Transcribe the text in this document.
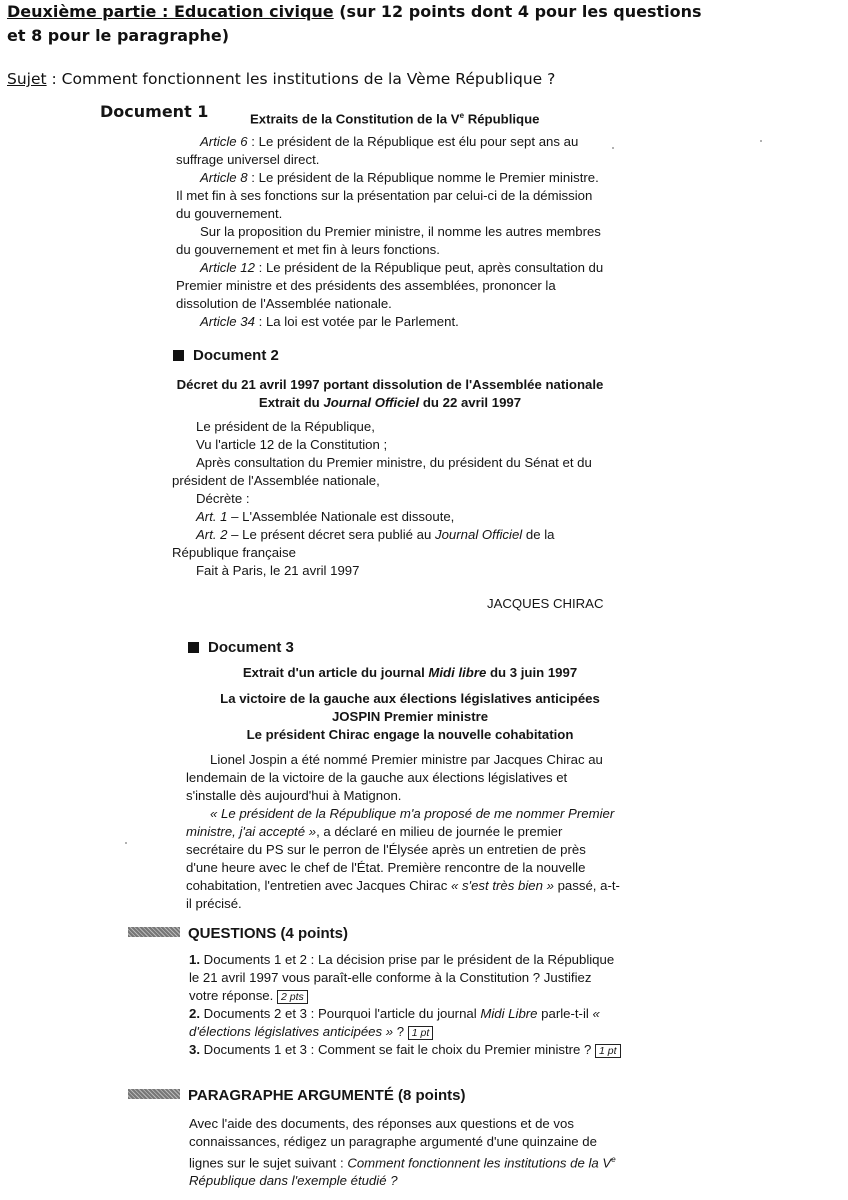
Deuxième partie : Education civique (sur 12 points dont 4 pour les questions
et 8 pour le paragraphe)
Sujet : Comment fonctionnent les institutions de la Vème République ?
Document 1	Extraits de la Constitution de la Ve République

Article 6 : Le président de la République est élu pour sept ans au suffrage universel direct.

Article 8 : Le président de la République nomme le Premier ministre. Il met fin à ses fonctions sur la présentation par celui-ci de la démission du gouvernement.

Sur la proposition du Premier ministre, il nomme les autres membres du gouvernement et met fin à leurs fonctions.

Article 12 : Le président de la République peut, après consultation du Premier ministre et des présidents des assemblées, prononcer la dissolution de l'Assemblée nationale.

Article 34 : La loi est votée par le Parlement.

Document 2

Décret du 21 avril 1997 portant dissolution de l'Assemblée nationale

Extrait du Journal Officiel du 22 avril 1997

Le président de la République,

Vu l'article 12 de la Constitution ;

Après consultation du Premier ministre, du président du Sénat et du président de l'Assemblée nationale,

Décrète :

Art. 1 – L'Assemblée Nationale est dissoute,

Art. 2 – Le présent décret sera publié au Journal Officiel de la République française

Fait à Paris, le 21 avril 1997

JACQUES CHIRAC
Document 3
Extrait d'un article du journal Midi libre du 3 juin 1997

La victoire de la gauche aux élections législatives anticipées

JOSPIN Premier ministre

Le président Chirac engage la nouvelle cohabitation

Lionel Jospin a été nommé Premier ministre par Jacques Chirac au lendemain de la victoire de la gauche aux élections législatives et s'installe dès aujourd'hui à Matignon.

« Le président de la République m'a proposé de me nommer Premier ministre, j'ai accepté », a déclaré en milieu de journée le premier secrétaire du PS sur le perron de l'Élysée après un entretien de près d'une heure avec le chef de l'État. Première rencontre de la nouvelle cohabitation, l'entretien avec Jacques Chirac « s'est très bien » passé, a-t-il précisé.

QUESTIONS (4 points)

1. Documents 1 et 2 : La décision prise par le président de la République le 21 avril 1997 vous paraît-elle conforme à la Constitution ? Justifiez votre réponse. 2 pts

2. Documents 2 et 3 : Pourquoi l'article du journal Midi Libre parle-t-il « d'élections législatives anticipées » ? 1 pt

3. Documents 1 et 3 : Comment se fait le choix du Premier ministre ? 1 pt

PARAGRAPHE ARGUMENTÉ (8 points)

Avec l'aide des documents, des réponses aux questions et de vos connaissances, rédigez un paragraphe argumenté d'une quinzaine de lignes sur le sujet suivant : Comment fonctionnent les institutions de la Ve République dans l'exemple étudié ?
